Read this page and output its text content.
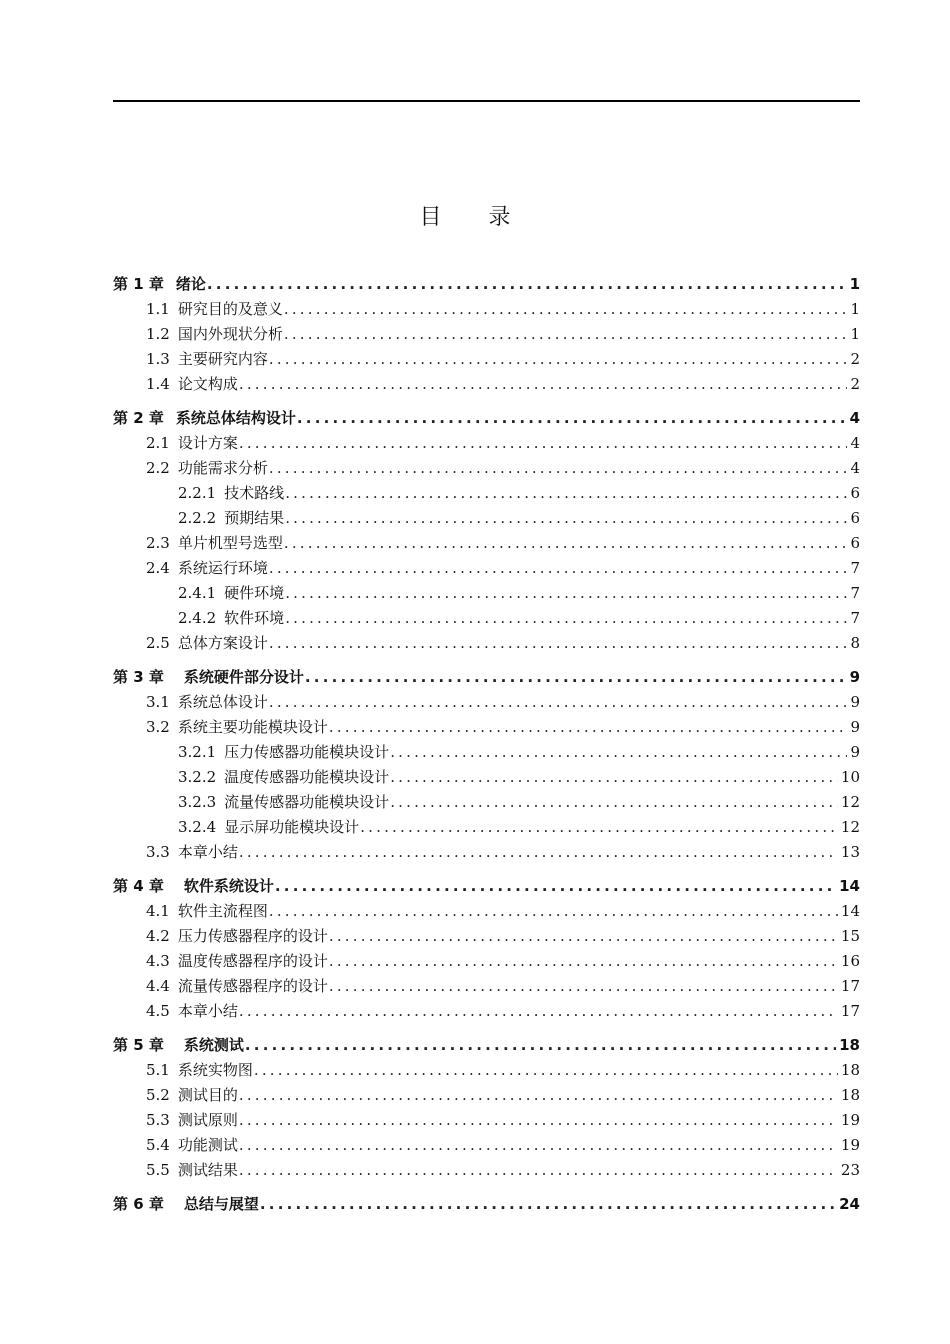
目 录
第 1 章 绪论 .....	1
1.1 研究目的及意义 .....	1
1.2 国内外现状分析 .....	1
1.3 主要研究内容 .....	2
1.4 论文构成 .....	2
第 2 章 系统总体结构设计 .....	4
2.1 设计方案 .....	4
2.2 功能需求分析 .....	4
2.2.1 技术路线 .....	6
2.2.2 预期结果 .....	6
2.3 单片机型号选型 .....	6
2.4 系统运行环境 .....	7
2.4.1 硬件环境 .....	7
2.4.2 软件环境 .....	7
2.5 总体方案设计 .....	8
第 3 章 系统硬件部分设计 .....	9
3.1 系统总体设计 .....	9
3.2 系统主要功能模块设计 .....	9
3.2.1 压力传感器功能模块设计 .....	9
3.2.2 温度传感器功能模块设计 .....	10
3.2.3 流量传感器功能模块设计 .....	12
3.2.4 显示屏功能模块设计 .....	12
3.3 本章小结 .....	13
第 4 章 软件系统设计 .....	14
4.1 软件主流程图 .....	14
4.2 压力传感器程序的设计 .....	15
4.3 温度传感器程序的设计 .....	16
4.4 流量传感器程序的设计 .....	17
4.5 本章小结 .....	17
第 5 章 系统测试 .....	18
5.1 系统实物图 .....	18
5.2 测试目的 .....	18
5.3 测试原则 .....	19
5.4 功能测试 .....	19
5.5 测试结果 .....	23
第 6 章 总结与展望 .....	24
